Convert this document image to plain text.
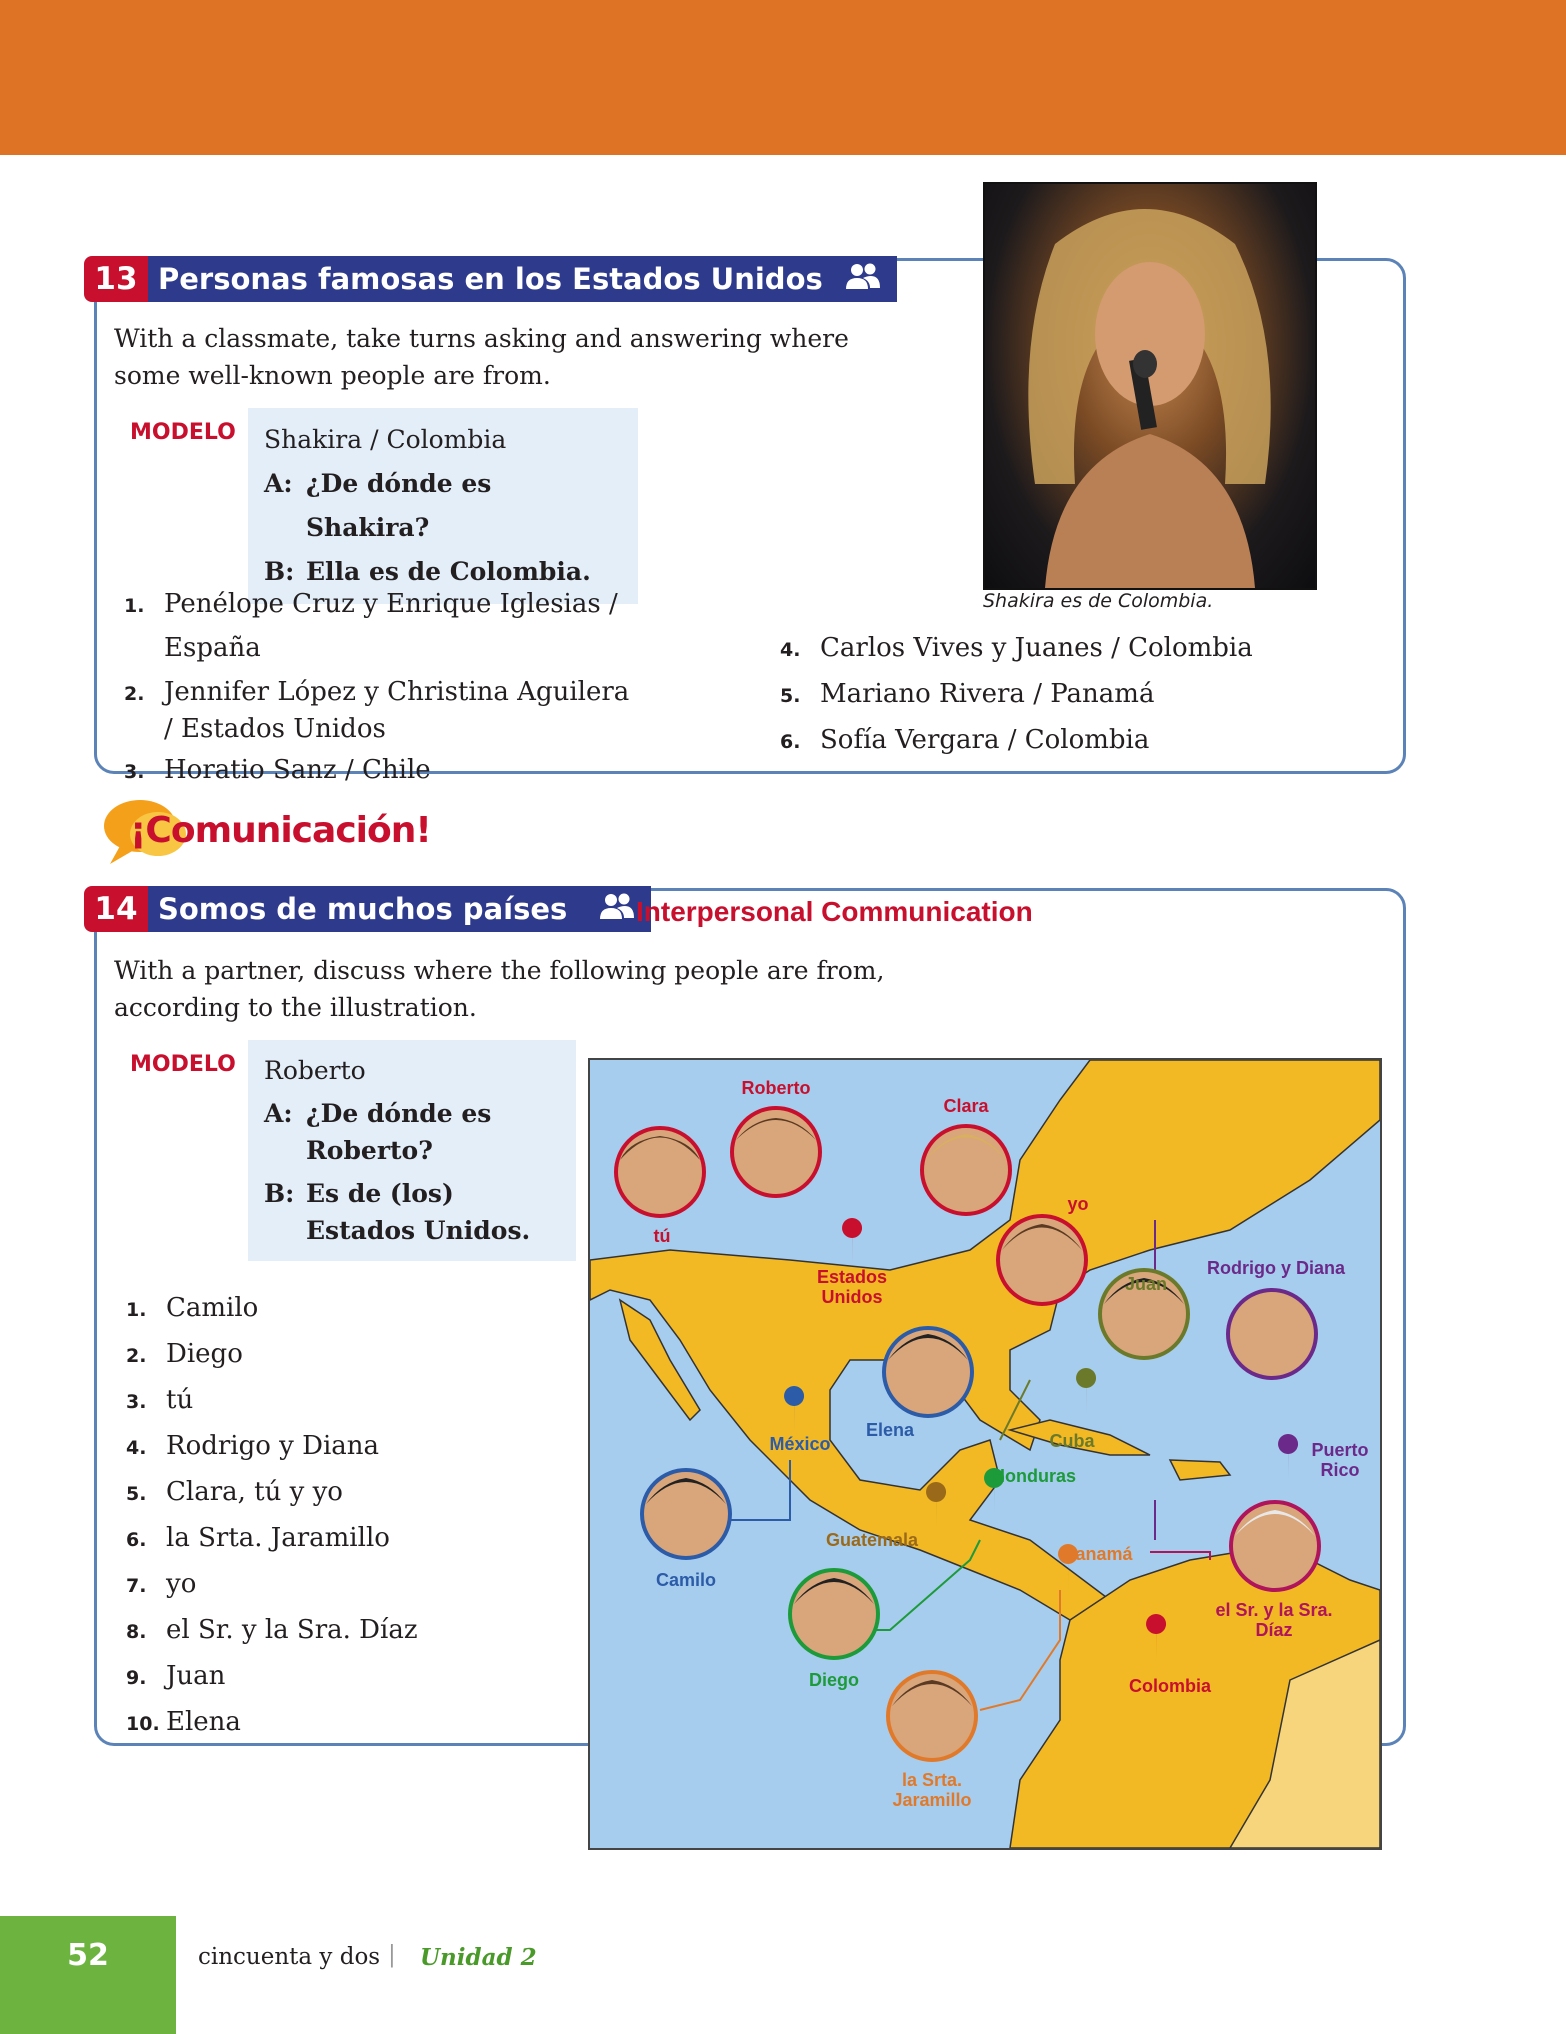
13 Personas famosas en los Estados Unidos
With a classmate, take turns asking and answering where some well-known people are from.
MODELO Shakira / Colombia
A: ¿De dónde es Shakira?
B: Ella es de Colombia.
1. Penélope Cruz y Enrique Iglesias / España
2. Jennifer López y Christina Aguilera / Estados Unidos
3. Horatio Sanz / Chile
4. Carlos Vives y Juanes / Colombia
5. Mariano Rivera / Panamá
6. Sofía Vergara / Colombia
Shakira es de Colombia.
¡Comunicación!
14 Somos de muchos países Interpersonal Communication
With a partner, discuss where the following people are from, according to the illustration.
MODELO Roberto
A: ¿De dónde es Roberto?
B: Es de (los) Estados Unidos.
1. Camilo
2. Diego
3. tú
4. Rodrigo y Diana
5. Clara, tú y yo
6. la Srta. Jaramillo
7. yo
8. el Sr. y la Sra. Díaz
9. Juan
10. Elena
Estados
Unidos
México	Cuba
Honduras
Guatemala
Panamá
Colombia
Puerto
Rico
Roberto
Clara
tú
yo
Juan
Rodrigo y Diana
Elena
Camilo
Diego
la Srta.
Jaramillo
el Sr. y la Sra.
Díaz
52	cincuenta y dos | Unidad 2
